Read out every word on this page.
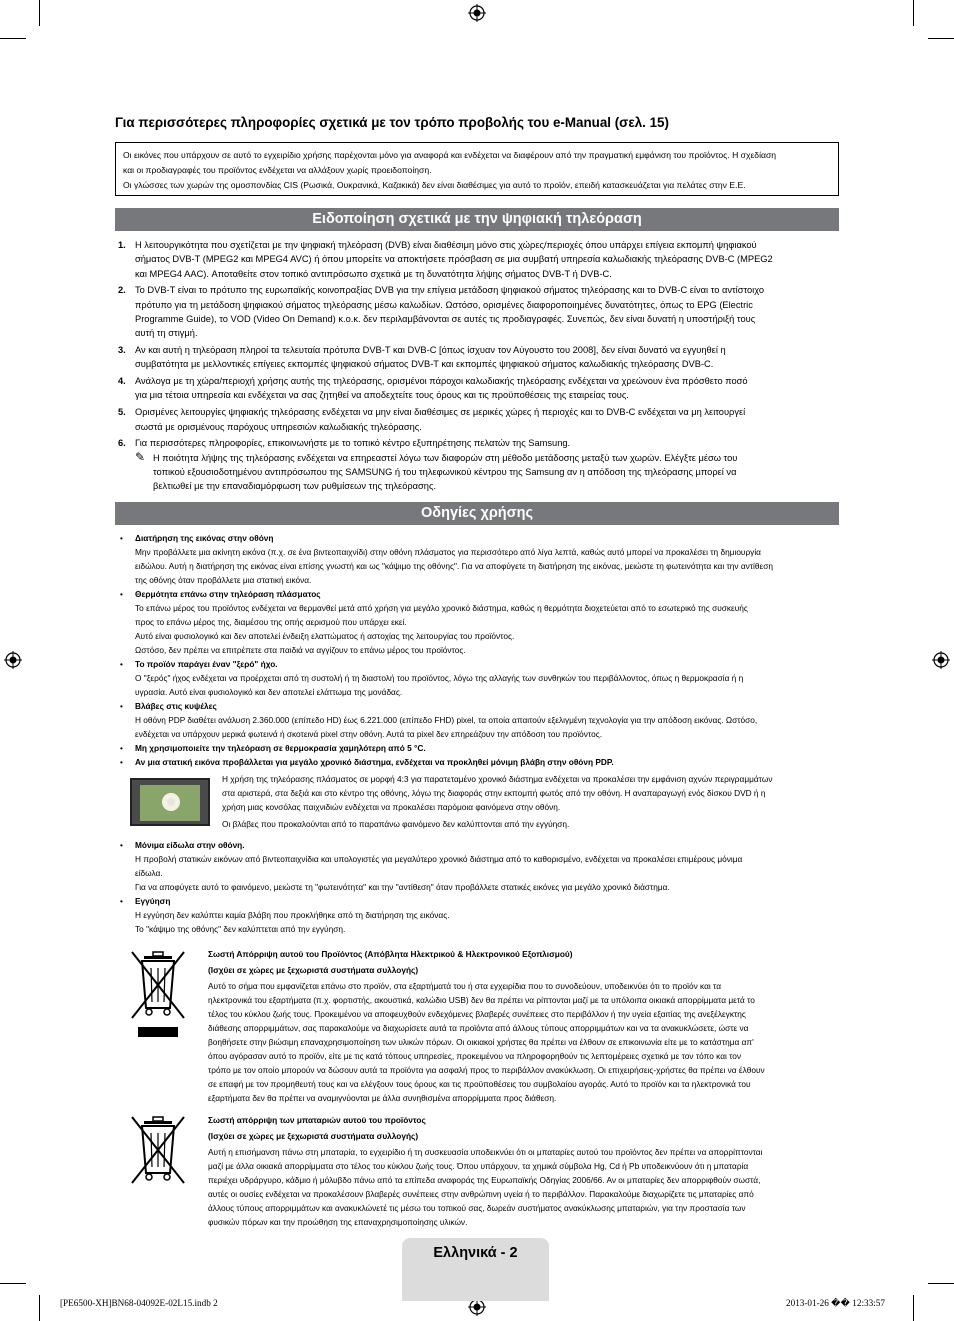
Για περισσότερες πληροφορίες σχετικά με τον τρόπο προβολής του e-Manual (σελ. 15)

Οι εικόνες που υπάρχουν σε αυτό το εγχειρίδιο χρήσης παρέχονται μόνο για αναφορά και ενδέχεται να διαφέρουν από την πραγματική εμφάνιση του προϊόντος. Η σχεδίαση

και οι προδιαγραφές του προϊόντος ενδέχεται να αλλάξουν χωρίς προειδοποίηση.

Οι γλώσσες των χωρών της ομοσπονδίας CIS (Ρωσικά, Ουκρανικά, Καζακικά) δεν είναι διαθέσιμες για αυτό το προϊόν, επειδή κατασκευάζεται για πελάτες στην Ε.Ε.

Ειδοποίηση σχετικά με την ψηφιακή τηλεόραση
1. Η λειτουργικότητα που σχετίζεται με την ψηφιακή τηλεόραση (DVB) είναι διαθέσιμη μόνο στις χώρες/περιοχές όπου υπάρχει επίγεια εκπομπή ψηφιακού
σήματος DVB-T (MPEG2 και MPEG4 AVC) ή όπου μπορείτε να αποκτήσετε πρόσβαση σε μια συμβατή υπηρεσία καλωδιακής τηλεόρασης DVB-C (MPEG2
και MPEG4 AAC). Αποταθείτε στον τοπικό αντιπρόσωπο σχετικά με τη δυνατότητα λήψης σήματος DVB-T ή DVB-C.
2. Το DVB-T είναι το πρότυπο της ευρωπαϊκής κοινοπραξίας DVB για την επίγεια μετάδοση ψηφιακού σήματος τηλεόρασης και το DVB-C είναι το αντίστοιχο
πρότυπο για τη μετάδοση ψηφιακού σήματος τηλεόρασης μέσω καλωδίων. Ωστόσο, ορισμένες διαφοροποιημένες δυνατότητες, όπως το EPG (Electric
Programme Guide), το VOD (Video On Demand) κ.ο.κ. δεν περιλαμβάνονται σε αυτές τις προδιαγραφές. Συνεπώς, δεν είναι δυνατή η υποστήριξή τους
αυτή τη στιγμή.
3. Αν και αυτή η τηλεόραση πληροί τα τελευταία πρότυπα DVB-T και DVB-C [όπως ίσχυαν τον Αύγουστο του 2008], δεν είναι δυνατό να εγγυηθεί η
συμβατότητα με μελλοντικές επίγειες εκπομπές ψηφιακού σήματος DVB-T και εκπομπές ψηφιακού σήματος καλωδιακής τηλεόρασης DVB-C.
4. Ανάλογα με τη χώρα/περιοχή χρήσης αυτής της τηλεόρασης, ορισμένοι πάροχοι καλωδιακής τηλεόρασης ενδέχεται να χρεώνουν ένα πρόσθετο ποσό
για μια τέτοια υπηρεσία και ενδέχεται να σας ζητηθεί να αποδεχτείτε τους όρους και τις προϋποθέσεις της εταιρείας τους.
5. Ορισμένες λειτουργίες ψηφιακής τηλεόρασης ενδέχεται να μην είναι διαθέσιμες σε μερικές χώρες ή περιοχές και το DVB-C ενδέχεται να μη λειτουργεί
σωστά με ορισμένους παρόχους υπηρεσιών καλωδιακής τηλεόρασης.
6. Για περισσότερες πληροφορίες, επικοινωνήστε με το τοπικό κέντρο εξυπηρέτησης πελατών της Samsung.
✎ Η ποιότητα λήψης της τηλεόρασης ενδέχεται να επηρεαστεί λόγω των διαφορών στη μέθοδο μετάδοσης μεταξύ των χωρών. Ελέγξτε μέσω του
τοπικού εξουσιοδοτημένου αντιπρόσωπου της SAMSUNG ή του τηλεφωνικού κέντρου της Samsung αν η απόδοση της τηλεόρασης μπορεί να
βελτιωθεί με την επαναδιαμόρφωση των ρυθμίσεων της τηλεόρασης.
Οδηγίες χρήσης
• Διατήρηση της εικόνας στην οθόνη
Μην προβάλλετε μια ακίνητη εικόνα (π.χ. σε ένα βιντεοπαιχνίδι) στην οθόνη πλάσματος για περισσότερο από λίγα λεπτά, καθώς αυτό μπορεί να προκαλέσει τη δημιουργία
ειδώλου. Αυτή η διατήρηση της εικόνας είναι επίσης γνωστή και ως "κάψιμο της οθόνης". Για να αποφύγετε τη διατήρηση της εικόνας, μειώστε τη φωτεινότητα και την αντίθεση
της οθόνης όταν προβάλλετε μια στατική εικόνα.
• Θερμότητα επάνω στην τηλεόραση πλάσματος
Το επάνω μέρος του προϊόντος ενδέχεται να θερμανθεί μετά από χρήση για μεγάλο χρονικό διάστημα, καθώς η θερμότητα διοχετεύεται από το εσωτερικό της συσκευής
προς το επάνω μέρος της, διαμέσου της οπής αερισμού που υπάρχει εκεί.
Αυτό είναι φυσιολογικό και δεν αποτελεί ένδειξη ελαττώματος ή αστοχίας της λειτουργίας του προϊόντος.
Ωστόσο, δεν πρέπει να επιτρέπετε στα παιδιά να αγγίζουν το επάνω μέρος του προϊόντος.
• Το προϊόν παράγει έναν "ξερό" ήχο.
Ο "ξερός" ήχος ενδέχεται να προέρχεται από τη συστολή ή τη διαστολή του προϊόντος, λόγω της αλλαγής των συνθηκών του περιβάλλοντος, όπως η θερμοκρασία ή η
υγρασία. Αυτό είναι φυσιολογικό και δεν αποτελεί ελάττωμα της μονάδας.
• Βλάβες στις κυψέλες
Η οθόνη PDP διαθέτει ανάλυση 2.360.000 (επίπεδο HD) έως 6.221.000 (επίπεδο FHD) pixel, τα οποία απαιτούν εξελιγμένη τεχνολογία για την απόδοση εικόνας. Ωστόσο,
ενδέχεται να υπάρχουν μερικά φωτεινά ή σκοτεινά pixel στην οθόνη. Αυτά τα pixel δεν επηρεάζουν την απόδοση του προϊόντος.
• Μη χρησιμοποιείτε την τηλεόραση σε θερμοκρασία χαμηλότερη από 5 °C.
• Αν μια στατική εικόνα προβάλλεται για μεγάλο χρονικό διάστημα, ενδέχεται να προκληθεί μόνιμη βλάβη στην οθόνη PDP.

Η χρήση της τηλεόρασης πλάσματος σε μορφή 4:3 για παρατεταμένο χρονικό διάστημα ενδέχεται να προκαλέσει την εμφάνιση αχνών περιγραμμάτων
στα αριστερά, στα δεξιά και στο κέντρο της οθόνης, λόγω της διαφοράς στην εκπομπή φωτός από την οθόνη. Η αναπαραγωγή ενός δίσκου DVD ή η
χρήση μιας κονσόλας παιχνιδιών ενδέχεται να προκαλέσει παρόμοια φαινόμενα στην οθόνη.

Οι βλάβες που προκαλούνται από το παραπάνω φαινόμενο δεν καλύπτονται από την εγγύηση.

• Μόνιμα είδωλα στην οθόνη.
Η προβολή στατικών εικόνων από βιντεοπαιχνίδια και υπολογιστές για μεγαλύτερο χρονικό διάστημα από το καθορισμένο, ενδέχεται να προκαλέσει επιμέρους μόνιμα
είδωλα.
Για να αποφύγετε αυτό το φαινόμενο, μειώστε τη "φωτεινότητα" και την "αντίθεση" όταν προβάλλετε στατικές εικόνες για μεγάλο χρονικό διάστημα.
• Εγγύηση
Η εγγύηση δεν καλύπτει καμία βλάβη που προκλήθηκε από τη διατήρηση της εικόνας.
Το "κάψιμο της οθόνης" δεν καλύπτεται από την εγγύηση.
Σωστή Απόρριψη αυτού του Προϊόντος (Απόβλητα Ηλεκτρικού & Ηλεκτρονικού Εξοπλισμού)
(Ισχύει σε χώρες με ξεχωριστά συστήματα συλλογής)
Αυτό το σήμα που εμφανίζεται επάνω στο προϊόν, στα εξαρτήματά του ή στα εγχειρίδια που το συνοδεύουν, υποδεικνύει ότι το προϊόν και τα
ηλεκτρονικά του εξαρτήματα (π.χ. φορτιστής, ακουστικά, καλώδιο USB) δεν θα πρέπει να ρίπτονται μαζί με τα υπόλοιπα οικιακά απορρίμματα μετά το
τέλος του κύκλου ζωής τους. Προκειμένου να αποφευχθούν ενδεχόμενες βλαβερές συνέπειες στο περιβάλλον ή την υγεία εξαιτίας της ανεξέλεγκτης
διάθεσης απορριμμάτων, σας παρακαλούμε να διαχωρίσετε αυτά τα προϊόντα από άλλους τύπους απορριμμάτων και να τα ανακυκλώσετε, ώστε να
βοηθήσετε στην βιώσιμη επαναχρησιμοποίηση των υλικών πόρων. Οι οικιακοί χρήστες θα πρέπει να έλθουν σε επικοινωνία είτε με το κατάστημα απ'
όπου αγόρασαν αυτό το προϊόν, είτε με τις κατά τόπους υπηρεσίες, προκειμένου να πληροφορηθούν τις λεπτομέρειες σχετικά με τον τόπο και τον
τρόπο με τον οποίο μπορούν να δώσουν αυτά τα προϊόντα για ασφαλή προς το περιβάλλον ανακύκλωση. Οι επιχειρήσεις-χρήστες θα πρέπει να έλθουν
σε επαφή με τον προμηθευτή τους και να ελέγξουν τους όρους και τις προϋποθέσεις του συμβολαίου αγοράς. Αυτό το προϊόν και τα ηλεκτρονικά του
εξαρτήματα δεν θα πρέπει να αναμιγνύονται με άλλα συνηθισμένα απορρίμματα προς διάθεση.
Σωστή απόρριψη των μπαταριών αυτού του προϊόντος
(Ισχύει σε χώρες με ξεχωριστά συστήματα συλλογής)
Αυτή η επισήμανση πάνω στη μπαταρία, το εγχειρίδιο ή τη συσκευασία υποδεικνύει ότι οι μπαταρίες αυτού του προϊόντος δεν πρέπει να απορρίπτονται
μαζί με άλλα οικιακά απορρίμματα στο τέλος του κύκλου ζωής τους. Όπου υπάρχουν, τα χημικά σύμβολα Hg, Cd ή Pb υποδεικνύουν ότι η μπαταρία
περιέχει υδράργυρο, κάδμιο ή μόλυβδο πάνω από τα επίπεδα αναφοράς της Ευρωπαϊκής Οδηγίας 2006/66. Αν οι μπαταρίες δεν απορριφθούν σωστά,
αυτές οι ουσίες ενδέχεται να προκαλέσουν βλαβερές συνέπειες στην ανθρώπινη υγεία ή το περιβάλλον. Παρακαλούμε διαχωρίζετε τις μπαταρίες από
άλλους τύπους απορριμμάτων και ανακυκλώνετέ τις μέσω του τοπικού σας, δωρεάν συστήματος ανακύκλωσης μπαταριών, για την προστασία των
φυσικών πόρων και την προώθηση της επαναχρησιμοποίησης υλικών.
Ελληνικά - 2
[PE6500-XH]BN68-04092E-02L15.indb 2	2013-01-26 �� 12:33:57
